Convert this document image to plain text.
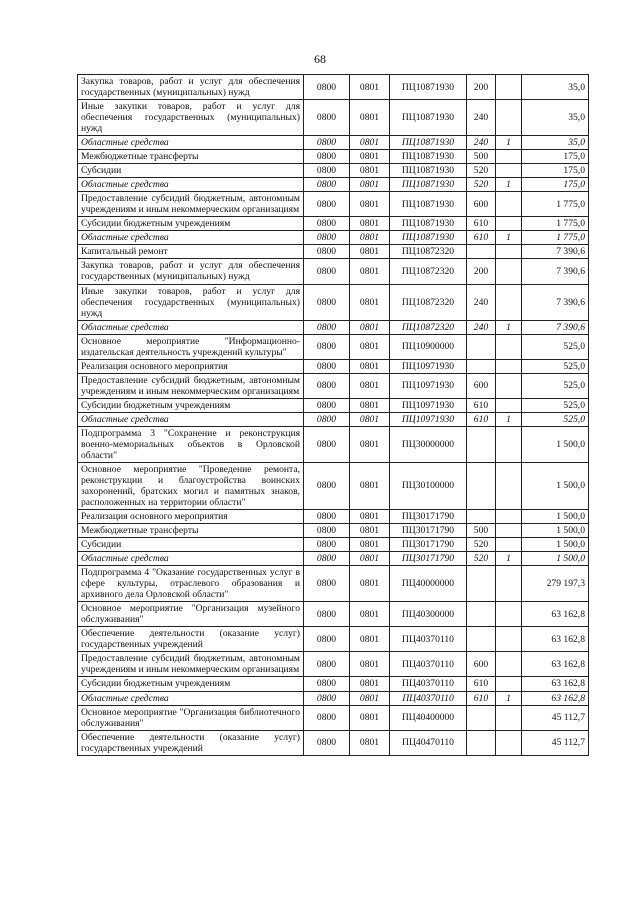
68
Закупка товаров, работ и услуг для обеспечения государственных (муниципальных) нужд	0800	0801	ПЦ10871930	200		35,0
Иные закупки товаров, работ и услуг для обеспечения государственных (муниципальных) нужд	0800	0801	ПЦ10871930	240		35,0
Областные средства	0800	0801	ПЦ10871930	240	1	35,0
Межбюджетные трансферты	0800	0801	ПЦ10871930	500		175,0
Субсидии	0800	0801	ПЦ10871930	520		175,0
Областные средства	0800	0801	ПЦ10871930	520	1	175,0
Предоставление субсидий бюджетным, автономным учреждениям и иным некоммерческим организациям	0800	0801	ПЦ10871930	600		1 775,0
Субсидии бюджетным учреждениям	0800	0801	ПЦ10871930	610		1 775,0
Областные средства	0800	0801	ПЦ10871930	610	1	1 775,0
Капитальный ремонт	0800	0801	ПЦ10872320			7 390,6
Закупка товаров, работ и услуг для обеспечения государственных (муниципальных) нужд	0800	0801	ПЦ10872320	200		7 390,6
Иные закупки товаров, работ и услуг для обеспечения государственных (муниципальных) нужд	0800	0801	ПЦ10872320	240		7 390,6
Областные средства	0800	0801	ПЦ10872320	240	1	7 390,6
Основное мероприятие "Информационно-издательская деятельность учреждений культуры"	0800	0801	ПЦ10900000			525,0
Реализация основного мероприятия	0800	0801	ПЦ10971930			525,0
Предоставление субсидий бюджетным, автономным учреждениям и иным некоммерческим организациям	0800	0801	ПЦ10971930	600		525,0
Субсидии бюджетным учреждениям	0800	0801	ПЦ10971930	610		525,0
Областные средства	0800	0801	ПЦ10971930	610	1	525,0
Подпрограмма 3 "Сохранение и реконструкция военно-мемориальных объектов в Орловской области"	0800	0801	ПЦ30000000			1 500,0
Основное мероприятие "Проведение ремонта, реконструкции и благоустройства воинских захоронений, братских могил и памятных знаков, расположенных на территории области"	0800	0801	ПЦ30100000			1 500,0
Реализация основного мероприятия	0800	0801	ПЦ30171790			1 500,0
Межбюджетные трансферты	0800	0801	ПЦ30171790	500		1 500,0
Субсидии	0800	0801	ПЦ30171790	520		1 500,0
Областные средства	0800	0801	ПЦ30171790	520	1	1 500,0
Подпрограмма 4 "Оказание государственных услуг в сфере культуры, отраслевого образования и архивного дела Орловской области"	0800	0801	ПЦ40000000			279 197,3
Основное мероприятие "Организация музейного обслуживания"	0800	0801	ПЦ40300000			63 162,8
Обеспечение деятельности (оказание услуг) государственных учреждений	0800	0801	ПЦ40370110			63 162,8
Предоставление субсидий бюджетным, автономным учреждениям и иным некоммерческим организациям	0800	0801	ПЦ40370110	600		63 162,8
Субсидии бюджетным учреждениям	0800	0801	ПЦ40370110	610		63 162,8
Областные средства	0800	0801	ПЦ40370110	610	1	63 162,8
Основное мероприятие "Организация библиотечного обслуживания"	0800	0801	ПЦ40400000			45 112,7
Обеспечение деятельности (оказание услуг) государственных учреждений	0800	0801	ПЦ40470110			45 112,7
